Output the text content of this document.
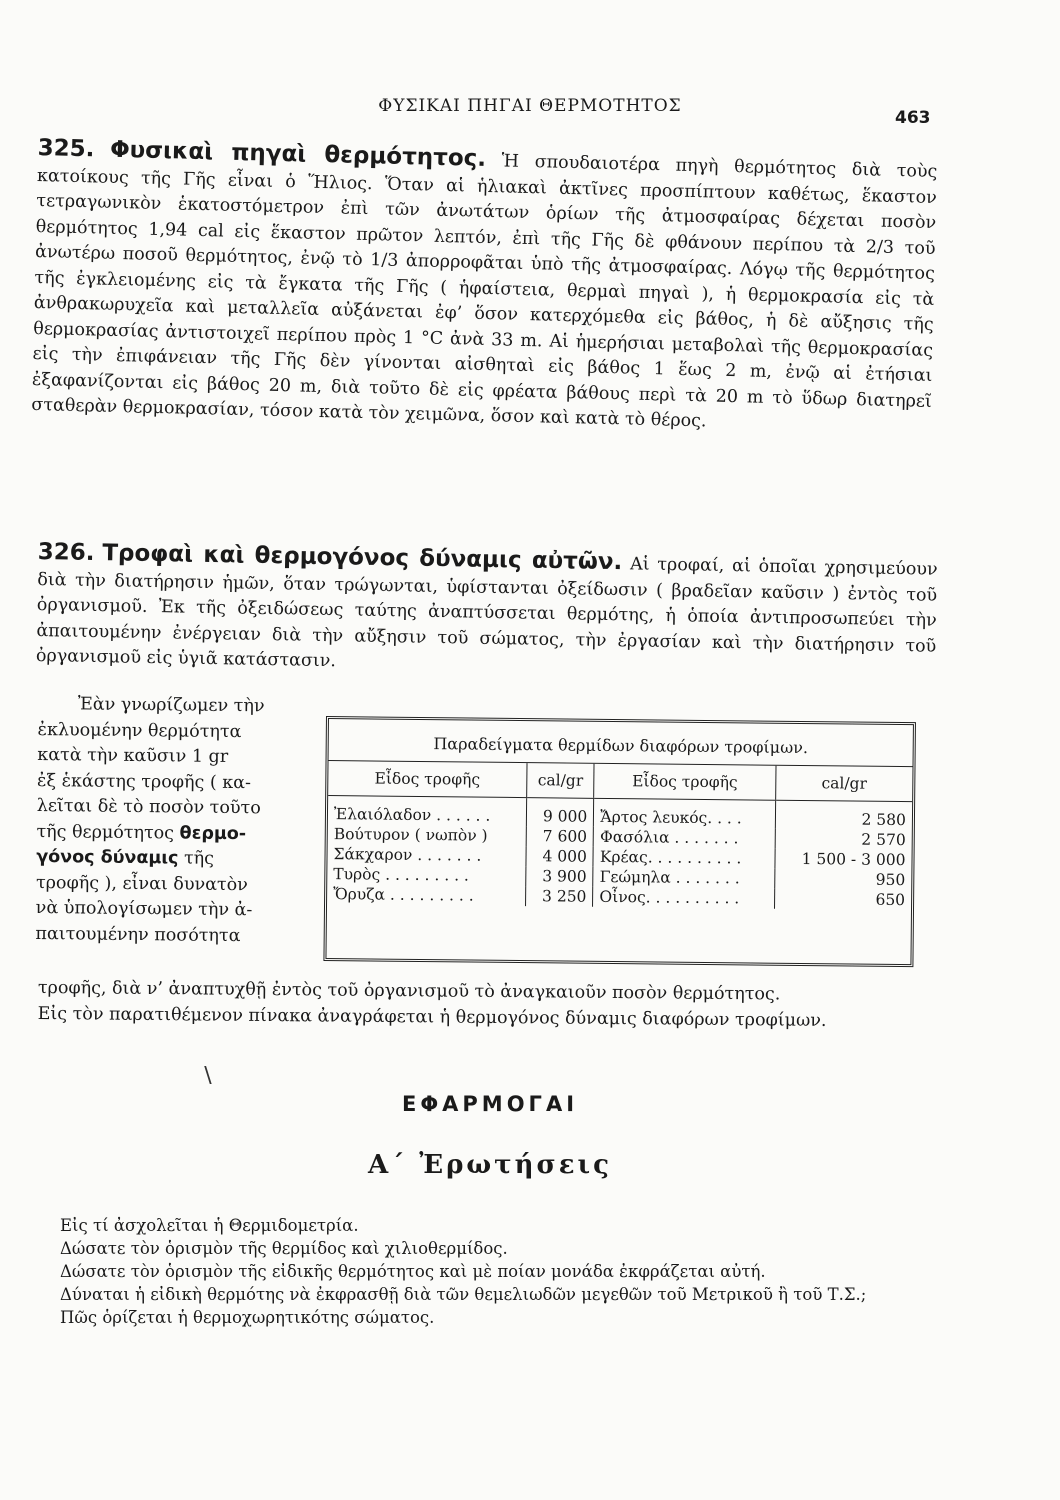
ΦΥΣΙΚΑΙ ΠΗΓΑΙ ΘΕΡΜΟΤΗΤΟΣ
463

325. Φυσικαὶ πηγαὶ θερμότητος. Ἡ σπουδαιοτέρα πηγὴ θερμότητος διὰ τοὺς κατοίκους τῆς Γῆς εἶναι ὁ Ἥλιος. Ὅταν αἱ ἡλιακαὶ ἀκτῖνες προσπίπτουν καθέτως, ἕκαστον τετραγωνικὸν ἑκατοστόμετρον ἐπὶ τῶν ἀνωτάτων ὁρίων τῆς ἀτμοσφαίρας δέχεται ποσὸν θερμότητος 1,94 cal εἰς ἕκαστον πρῶτον λεπτόν, ἐπὶ τῆς Γῆς δὲ φθάνουν περίπου τὰ 2/3 τοῦ ἀνωτέρω ποσοῦ θερμότητος, ἐνῷ τὸ 1/3 ἀπορροφᾶται ὑπὸ τῆς ἀτμοσφαίρας. Λόγῳ τῆς θερμότητος τῆς ἐγκλειομένης εἰς τὰ ἔγκατα τῆς Γῆς ( ἡφαίστεια, θερμαὶ πηγαὶ ), ἡ θερμοκρασία εἰς τὰ ἀνθρακωρυχεῖα καὶ μεταλλεῖα αὐξάνεται ἐφ’ ὅσον κατερχόμεθα εἰς βάθος, ἡ δὲ αὔξησις τῆς θερμοκρασίας ἀντιστοιχεῖ περίπου πρὸς 1 °C ἀνὰ 33 m. Αἱ ἡμερήσιαι μεταβολαὶ τῆς θερμοκρασίας εἰς τὴν ἐπιφάνειαν τῆς Γῆς δὲν γίνονται αἰσθηταὶ εἰς βάθος 1 ἕως 2 m, ἐνῷ αἱ ἐτήσιαι ἐξαφανίζονται εἰς βάθος 20 m, διὰ τοῦτο δὲ εἰς φρέατα βάθους περὶ τὰ 20 m τὸ ὕδωρ διατηρεῖ σταθερὰν θερμοκρασίαν, τόσον κατὰ τὸν χειμῶνα, ὅσον καὶ κατὰ τὸ θέρος.

326. Τροφαὶ καὶ θερμογόνος δύναμις αὐτῶν. Αἱ τροφαί, αἱ ὁποῖαι χρησιμεύουν διὰ τὴν διατήρησιν ἡμῶν, ὅταν τρώγωνται, ὑφίστανται ὀξείδωσιν ( βραδεῖαν καῦσιν ) ἐντὸς τοῦ ὀργανισμοῦ. Ἐκ τῆς ὀξειδώσεως ταύτης ἀναπτύσσεται θερμότης, ἡ ὁποία ἀντιπροσωπεύει τὴν ἀπαιτουμένην ἐνέργειαν διὰ τὴν αὔξησιν τοῦ σώματος, τὴν ἐργασίαν καὶ τὴν διατήρησιν τοῦ ὀργανισμοῦ εἰς ὑγιᾶ κατάστασιν.

Ἐὰν γνωρίζωμεν τὴν
ἐκλυομένην θερμότητα
κατὰ τὴν καῦσιν 1 gr
ἐξ ἑκάστης τροφῆς ( κα-
λεῖται δὲ τὸ ποσὸν τοῦτο
τῆς θερμότητος θερμο-
γόνος δύναμις τῆς
τροφῆς ), εἶναι δυνατὸν
νὰ ὑπολογίσωμεν τὴν ἀ-
παιτουμένην ποσότητα
Παραδείγματα θερμίδων διαφόρων τροφίμων.
Εἶδος τροφῆς	cal/gr	Εἶδος τροφῆς	cal/gr
Ἐλαιόλαδον . . . . . .	9 000	Ἄρτος λευκός. . . .	2 580
Βούτυρον ( νωπὸν )	7 600	Φασόλια . . . . . . .	2 570
Σάκχαρον . . . . . . .	4 000	Κρέας. . . . . . . . . .	1 500 - 3 000
Τυρὸς . . . . . . . . .	3 900	Γεώμηλα . . . . . . .	950
Ὄρυζα . . . . . . . . .	3 250	Οἶνος. . . . . . . . . .	650
τροφῆς, διὰ ν’ ἀναπτυχθῇ ἐντὸς τοῦ ὀργανισμοῦ τὸ ἀναγκαιοῦν ποσὸν θερμότητος.
Εἰς τὸν παρατιθέμενον πίνακα ἀναγράφεται ἡ θερμογόνος δύναμις διαφόρων τροφίμων.
∖
ΕΦΑΡΜΟΓΑΙ
Α΄ Ἐρωτήσεις
Εἰς τί ἀσχολεῖται ἡ Θερμιδομετρία.
Δώσατε τὸν ὁρισμὸν τῆς θερμίδος καὶ χιλιοθερμίδος.
Δώσατε τὸν ὁρισμὸν τῆς εἰδικῆς θερμότητος καὶ μὲ ποίαν μονάδα ἐκφράζεται αὐτή.
Δύναται ἡ εἰδικὴ θερμότης νὰ ἐκφρασθῇ διὰ τῶν θεμελιωδῶν μεγεθῶν τοῦ Μετρικοῦ ἢ τοῦ Τ.Σ.;
Πῶς ὁρίζεται ἡ θερμοχωρητικότης σώματος.
